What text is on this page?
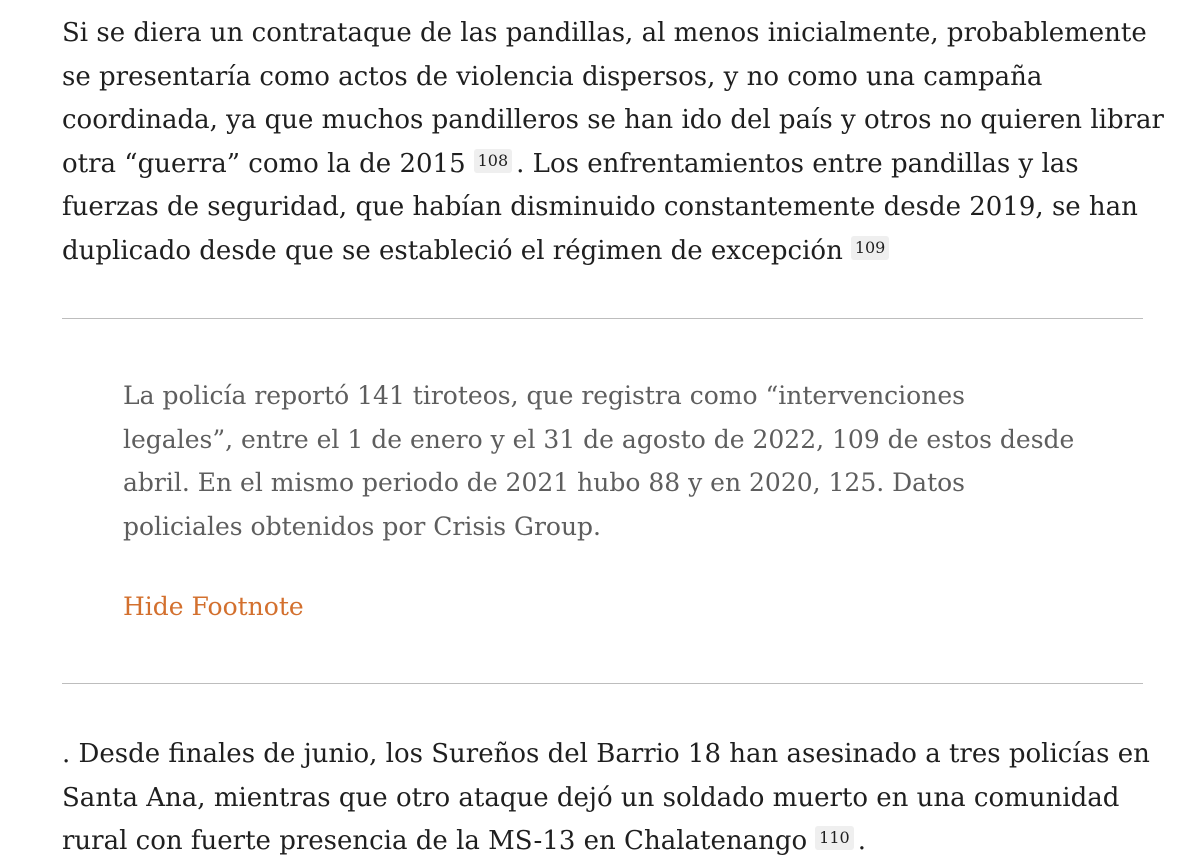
Si se diera un contrataque de las pandillas, al menos inicialmente, probablemente
se presentaría como actos de violencia dispersos, y no como una campaña
coordinada, ya que muchos pandilleros se han ido del país y otros no quieren librar
otra “guerra” como la de 2015 108 . Los enfrentamientos entre pandillas y las
fuerzas de seguridad, que habían disminuido constantemente desde 2019, se han
duplicado desde que se estableció el régimen de excepción 109

La policía reportó 141 tiroteos, que registra como “intervenciones
legales”, entre el 1 de enero y el 31 de agosto de 2022, 109 de estos desde
abril. En el mismo periodo de 2021 hubo 88 y en 2020, 125. Datos
policiales obtenidos por Crisis Group.

Hide Footnote

. Desde finales de junio, los Sureños del Barrio 18 han asesinado a tres policías en
Santa Ana, mientras que otro ataque dejó un soldado muerto en una comunidad
rural con fuerte presencia de la MS-13 en Chalatenango 110 .
